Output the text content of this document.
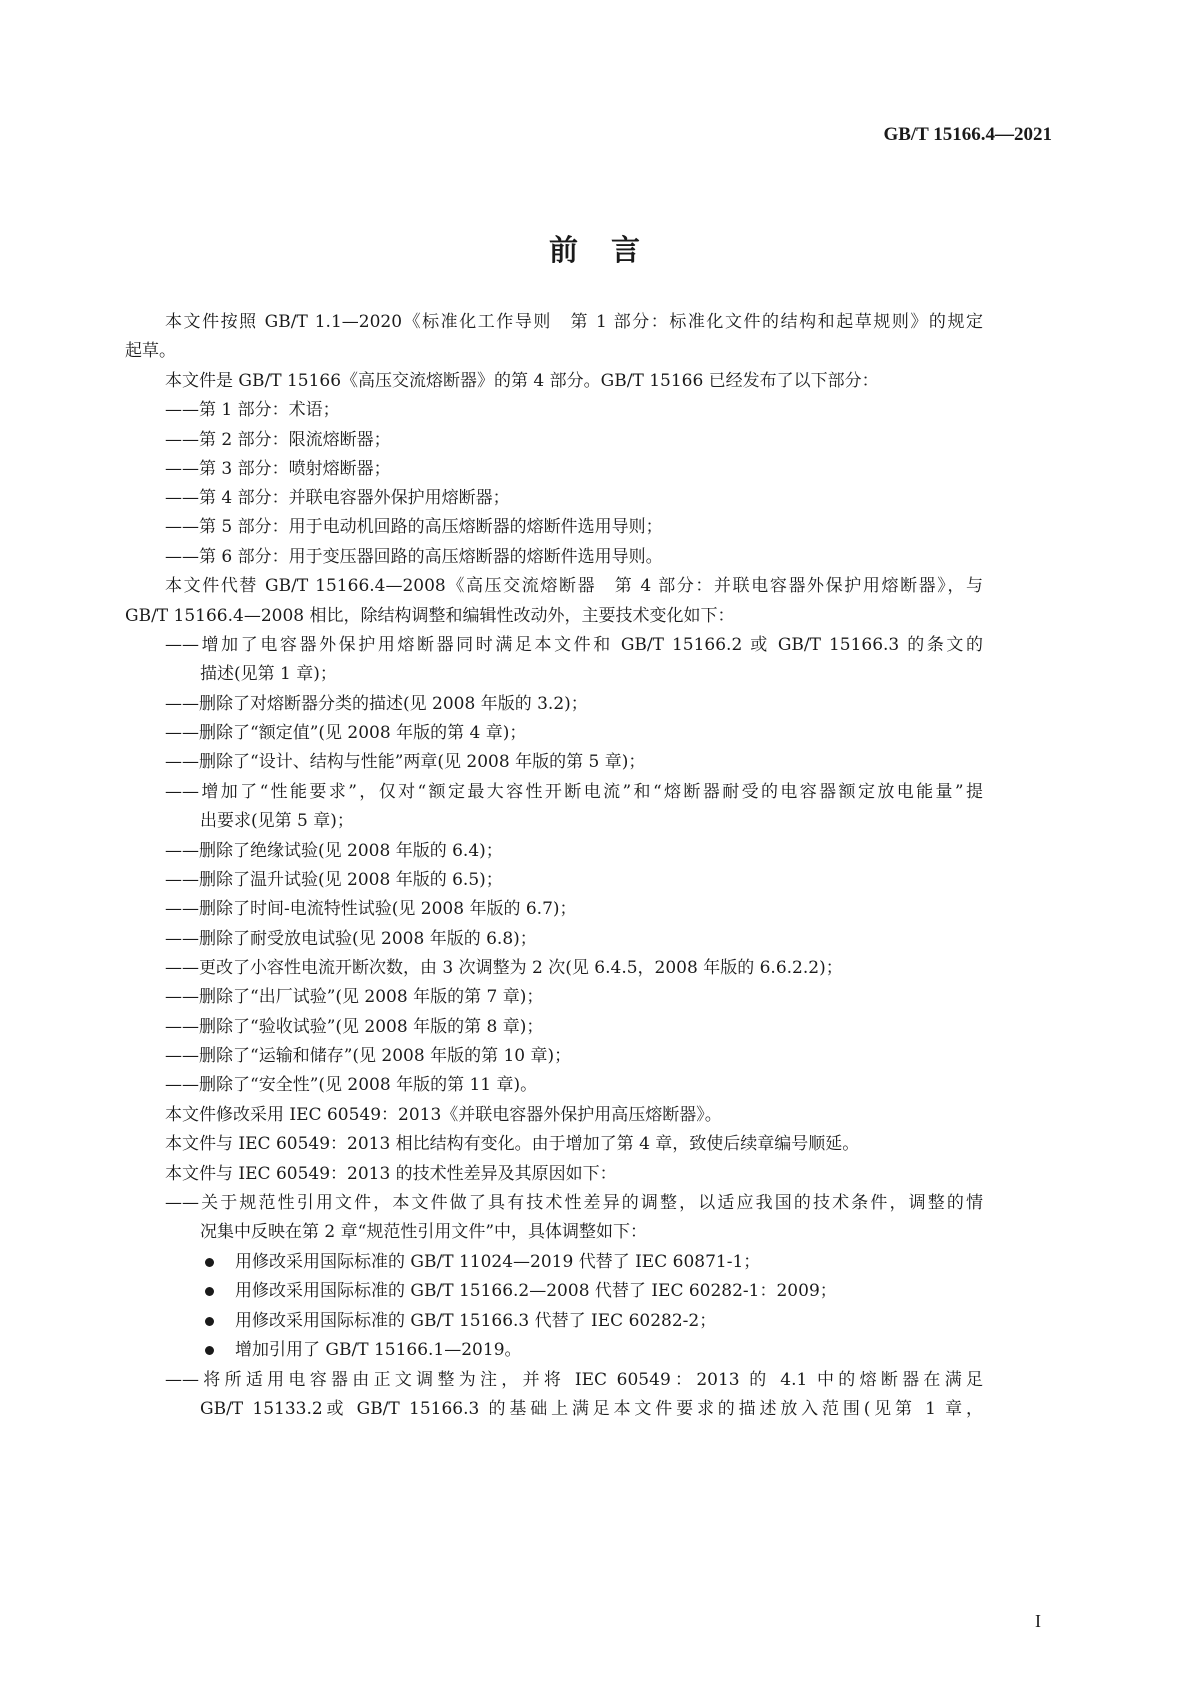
GB/T 15166.4—2021
前　言
本文件按照 GB/T 1.1—2020《标准化工作导则　第 1 部分：标准化文件的结构和起草规则》的规定
起草。
本文件是 GB/T 15166《高压交流熔断器》的第 4 部分。GB/T 15166 已经发布了以下部分：
——第 1 部分：术语；
——第 2 部分：限流熔断器；
——第 3 部分：喷射熔断器；
——第 4 部分：并联电容器外保护用熔断器；
——第 5 部分：用于电动机回路的高压熔断器的熔断件选用导则；
——第 6 部分：用于变压器回路的高压熔断器的熔断件选用导则。
本文件代替 GB/T 15166.4—2008《高压交流熔断器　第 4 部分：并联电容器外保护用熔断器》，与
GB/T 15166.4—2008 相比，除结构调整和编辑性改动外，主要技术变化如下：
——增加了电容器外保护用熔断器同时满足本文件和 GB/T 15166.2 或 GB/T 15166.3 的条文的
描述(见第 1 章)；
——删除了对熔断器分类的描述(见 2008 年版的 3.2)；
——删除了“额定值”(见 2008 年版的第 4 章)；
——删除了“设计、结构与性能”两章(见 2008 年版的第 5 章)；
——增加了“性能要求”，仅对“额定最大容性开断电流”和“熔断器耐受的电容器额定放电能量”提
出要求(见第 5 章)；
——删除了绝缘试验(见 2008 年版的 6.4)；
——删除了温升试验(见 2008 年版的 6.5)；
——删除了时间-电流特性试验(见 2008 年版的 6.7)；
——删除了耐受放电试验(见 2008 年版的 6.8)；
——更改了小容性电流开断次数，由 3 次调整为 2 次(见 6.4.5，2008 年版的 6.6.2.2)；
——删除了“出厂试验”(见 2008 年版的第 7 章)；
——删除了“验收试验”(见 2008 年版的第 8 章)；
——删除了“运输和储存”(见 2008 年版的第 10 章)；
——删除了“安全性”(见 2008 年版的第 11 章)。
本文件修改采用 IEC 60549：2013《并联电容器外保护用高压熔断器》。
本文件与 IEC 60549：2013 相比结构有变化。由于增加了第 4 章，致使后续章编号顺延。
本文件与 IEC 60549：2013 的技术性差异及其原因如下：
——关于规范性引用文件，本文件做了具有技术性差异的调整，以适应我国的技术条件，调整的情
况集中反映在第 2 章“规范性引用文件”中，具体调整如下：
用修改采用国际标准的 GB/T 11024—2019 代替了 IEC 60871-1；
用修改采用国际标准的 GB/T 15166.2—2008 代替了 IEC 60282-1：2009；
用修改采用国际标准的 GB/T 15166.3 代替了 IEC 60282-2；
增加引用了 GB/T 15166.1—2019。
——将所适用电容器由正文调整为注，并将 IEC 60549：2013 的 4.1 中的熔断器在满足
GB/T 15133.2或 GB/T 15166.3 的基础上满足本文件要求的描述放入范围(见第 1 章，
I
